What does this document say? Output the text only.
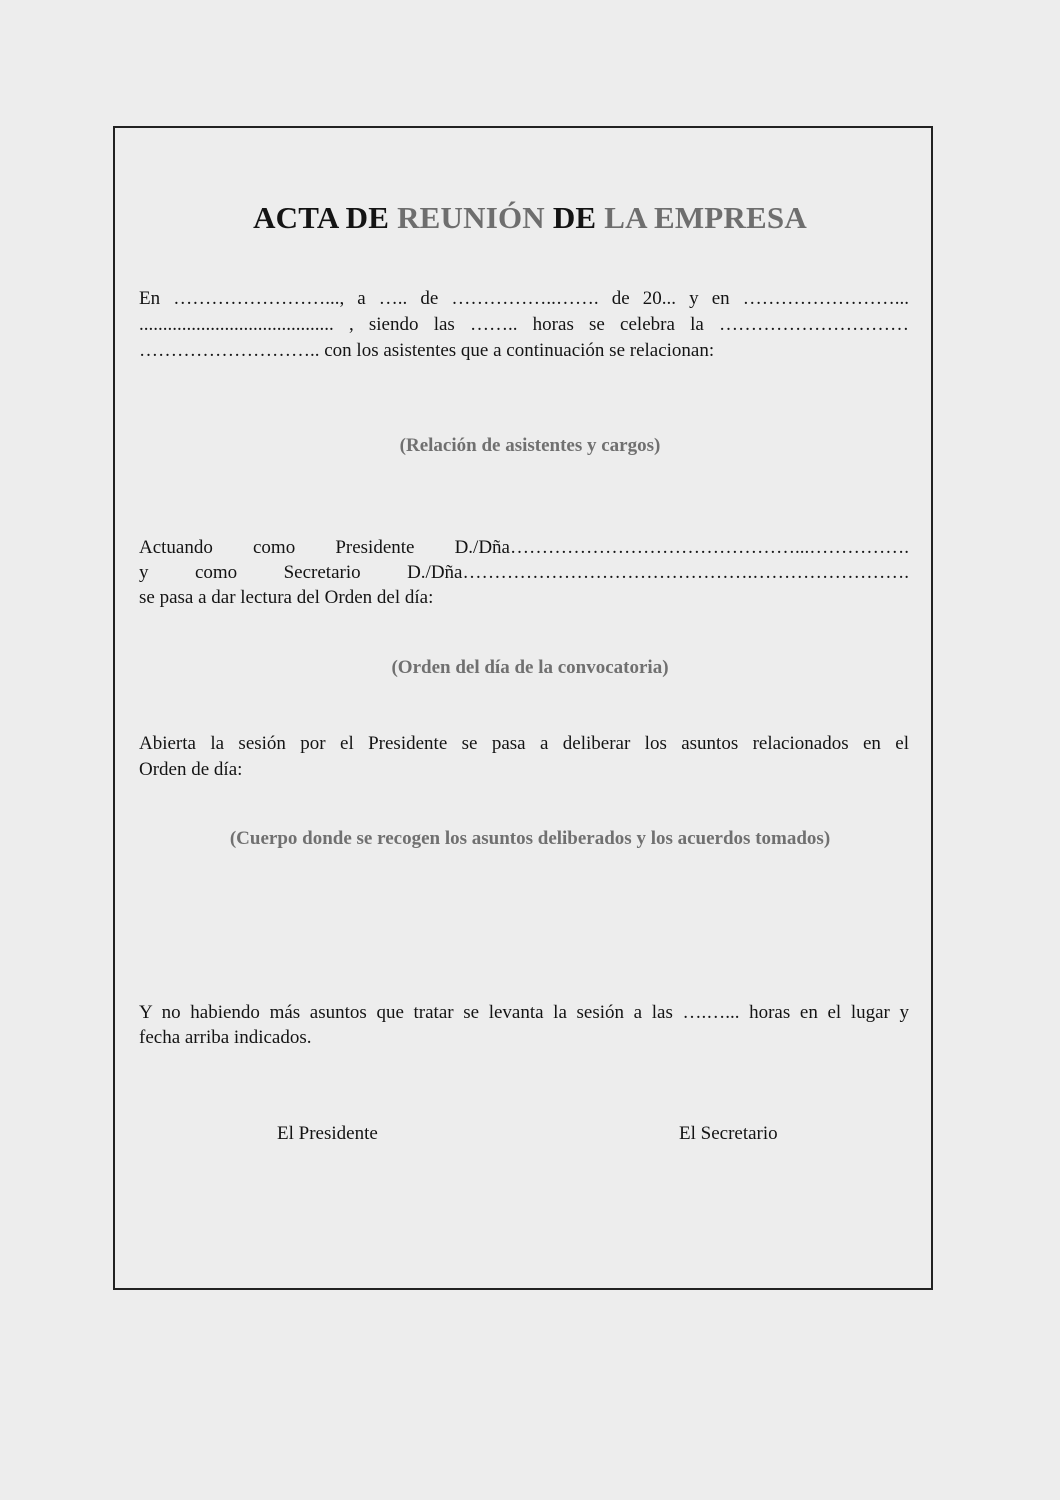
ACTA DE REUNIÓN DE LA EMPRESA
En ……………………..., a ….. de ……………..……. de 20... y en ……………………...
......................................... , siendo las …….. horas se celebra la …………………………
……………………….. con los asistentes que a continuación se relacionan:
(Relación de asistentes y cargos)
Actuando como Presidente D./Dña………………………………………...…………….
y como Secretario D./Dña……………………………………….…………………….
se pasa a dar lectura del Orden del día:
(Orden del día de la convocatoria)
Abierta la sesión por el Presidente se pasa a deliberar los asuntos relacionados en el
Orden de día:
(Cuerpo donde se recogen los asuntos deliberados y los acuerdos tomados)
Y no habiendo más asuntos que tratar se levanta la sesión a las ….…... horas en el lugar y
fecha arriba indicados.
El Presidente	El Secretario
